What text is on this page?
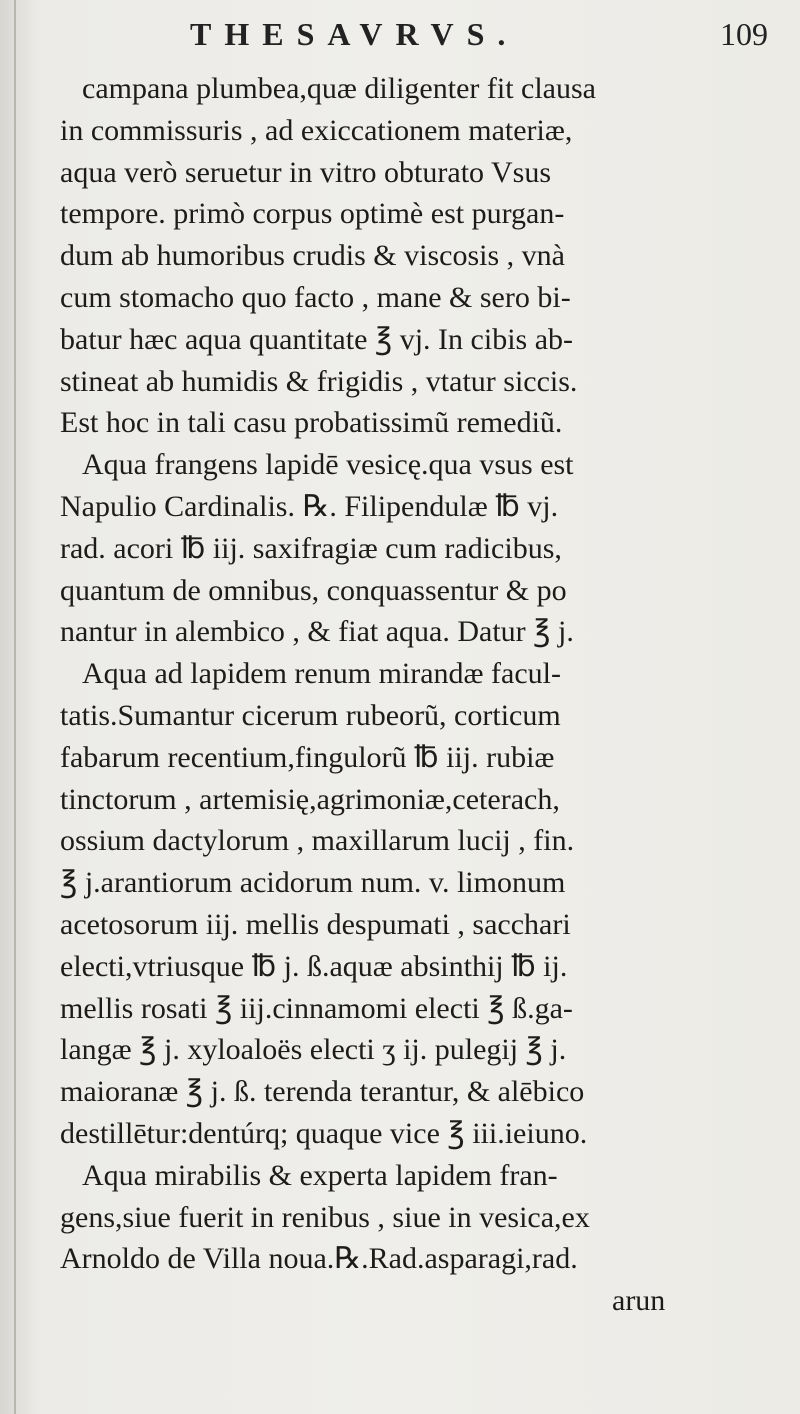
THESAVRVS.	109
campana plumbea,quæ diligenter fit clausa
in commissuris , ad exiccationem materiæ,
aqua verò seruetur in vitro obturato Vsus
tempore. primò corpus optimè est purgan-
dum ab humoribus crudis & viscosis , vnà
cum stomacho quo facto , mane & sero bi-
batur hæc aqua quantitate ℥ vj. In cibis ab-
stineat ab humidis & frigidis , vtatur siccis.
Est hoc in tali casu probatissimũ remediũ.
Aqua frangens lapidē vesicę.qua vsus est
Napulio Cardinalis. ℞. Filipendulæ ℔ vj.
rad. acori ℔ iij. saxifragiæ cum radicibus,
quantum de omnibus, conquassentur & po
nantur in alembico , & fiat aqua. Datur ℥ j.
Aqua ad lapidem renum mirandæ facul-
tatis.Sumantur cicerum rubeorũ, corticum
fabarum recentium,fingulorũ ℔ iij. rubiæ
tinctorum , artemisię,agrimoniæ,ceterach,
ossium dactylorum , maxillarum lucij , fin.
℥ j.arantiorum acidorum num. v. limonum
acetosorum iij. mellis despumati , sacchari
electi,vtriusque ℔ j. ß.aquæ absinthij ℔ ij.
mellis rosati ℥ iij.cinnamomi electi ℥ ß.ga-
langæ ℥ j. xyloaloës electi ʒ ij. pulegij ℥ j.
maioranæ ℥ j. ß. terenda terantur, & alēbico
destillētur:dentúrq; quaque vice ℥ iii.ieiuno.
Aqua mirabilis & experta lapidem fran-
gens,siue fuerit in renibus , siue in vesica,ex
Arnoldo de Villa noua.℞.Rad.asparagi,rad.
arun
